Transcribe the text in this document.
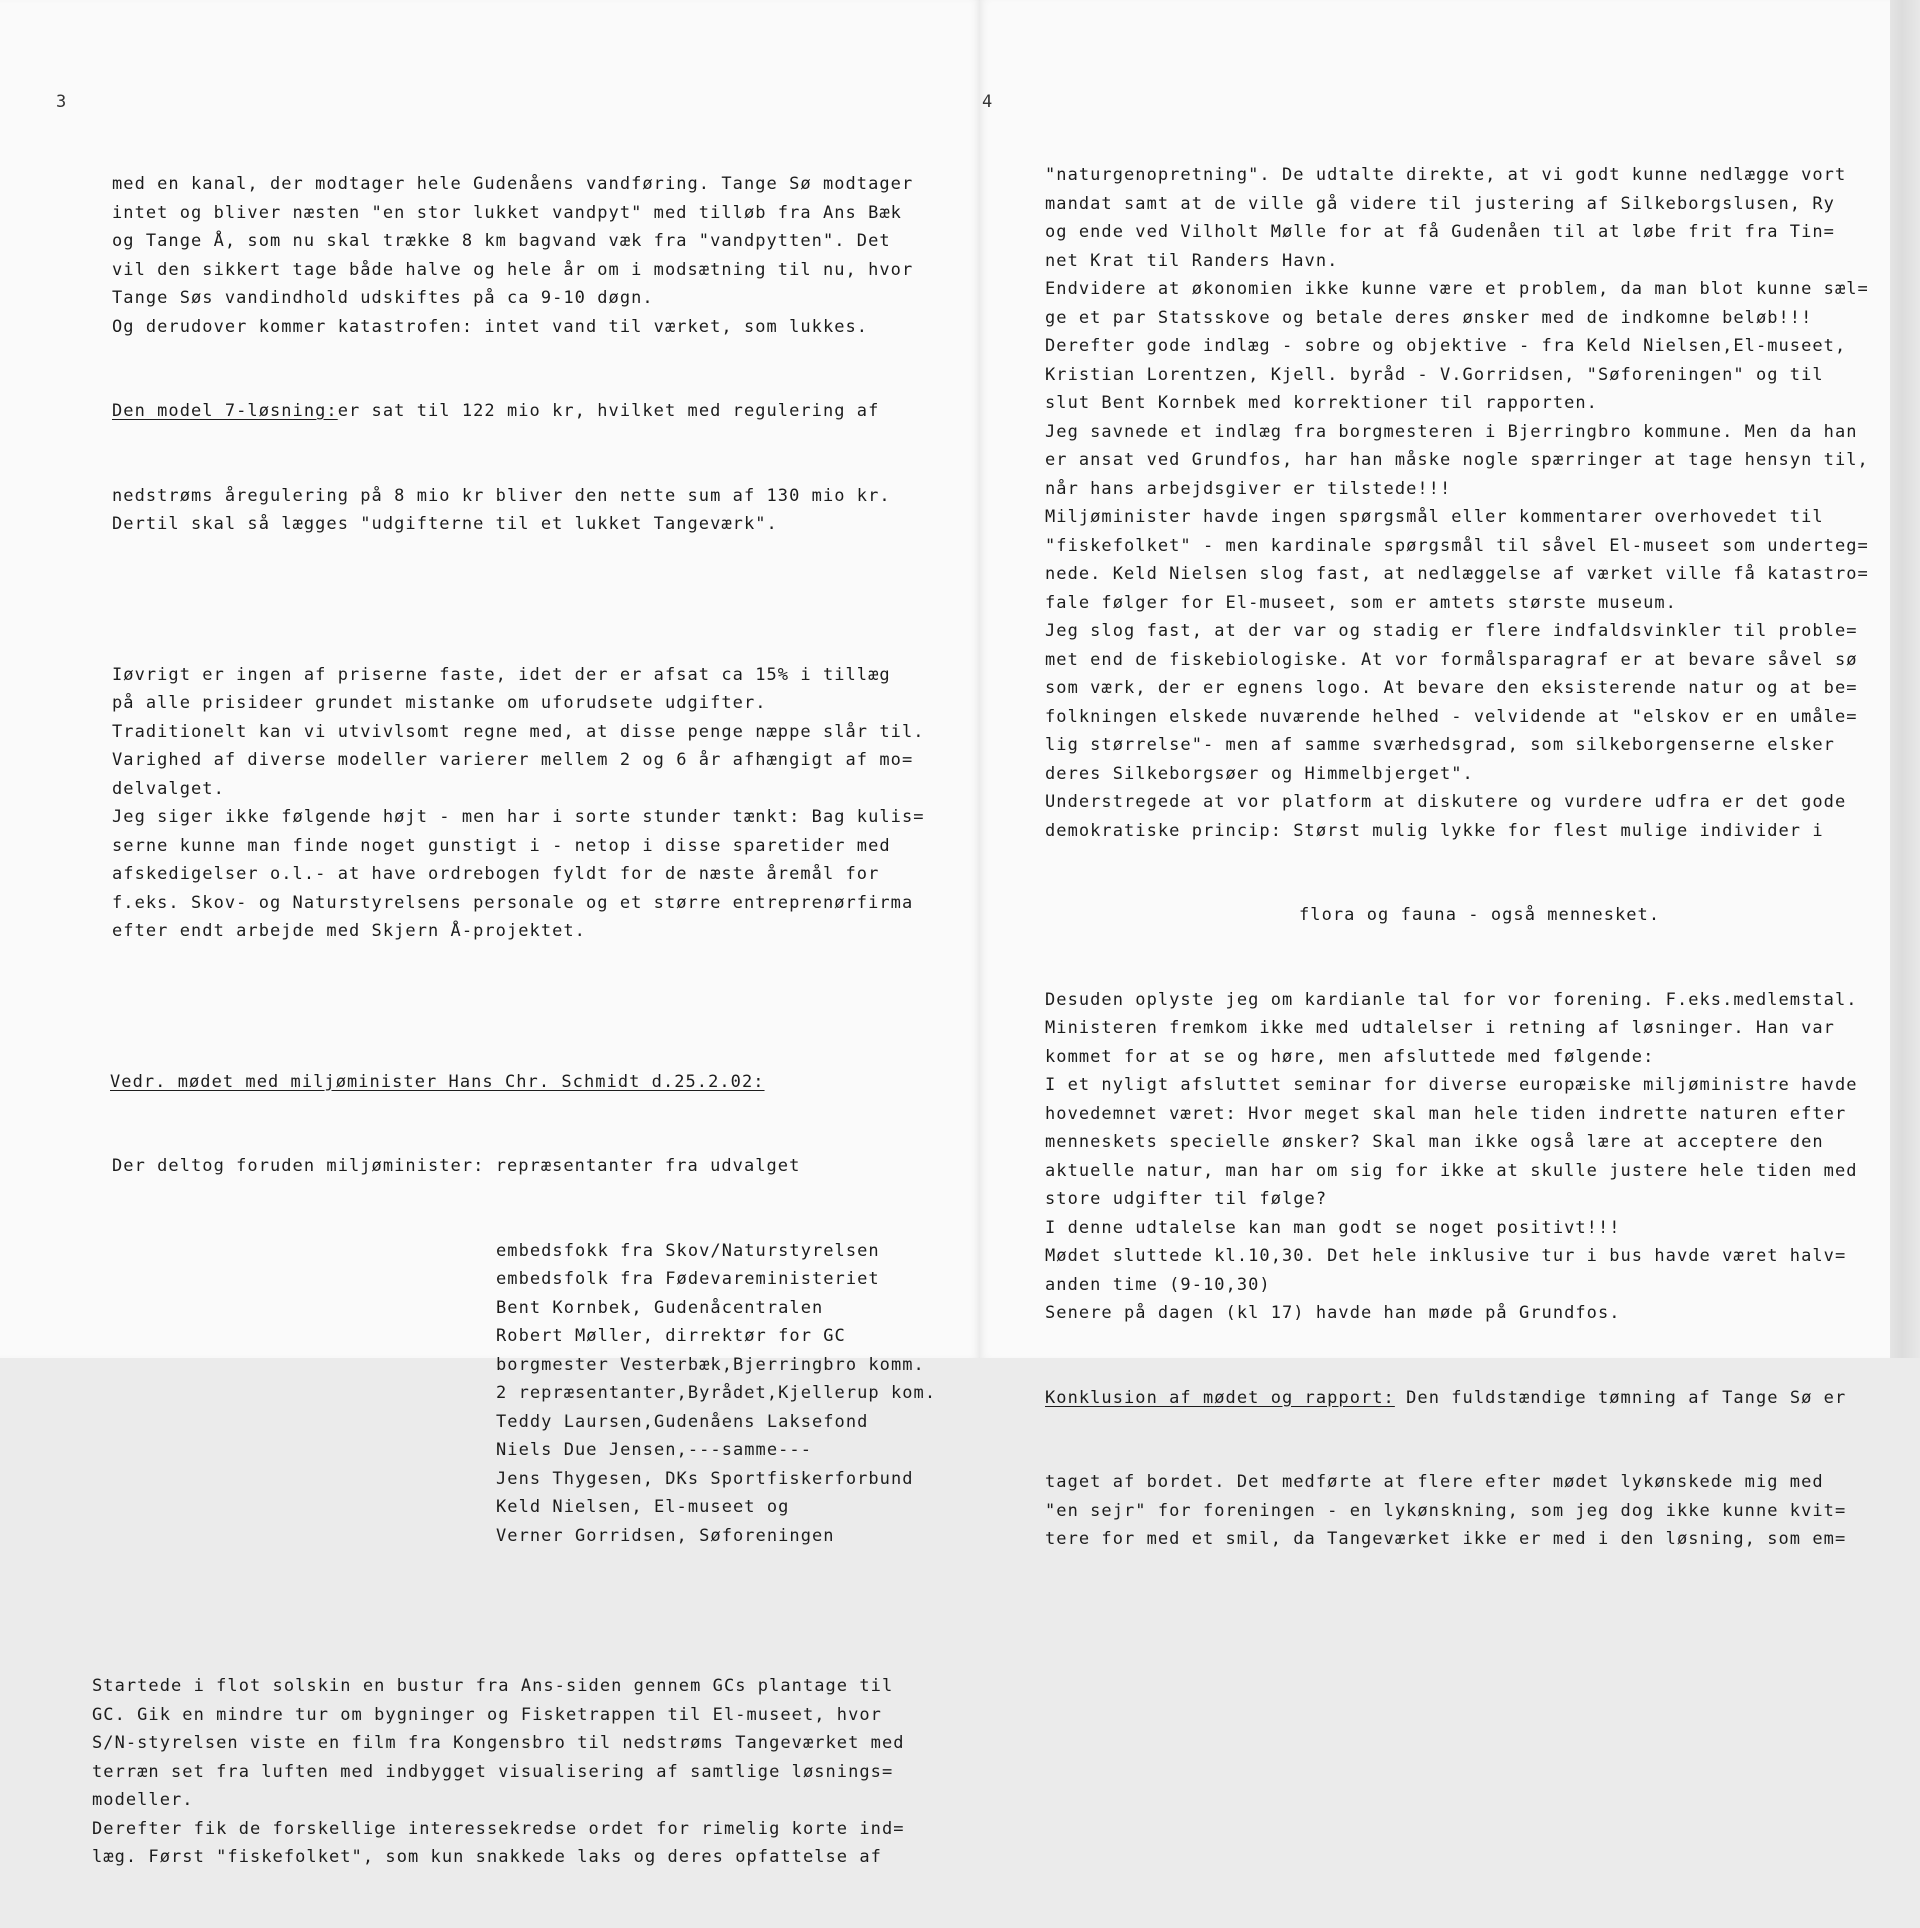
3

med en kanal, der modtager hele Gudenåens vandføring. Tange Sø modtager
intet og bliver næsten "en stor lukket vandpyt" med tilløb fra Ans Bæk
og Tange Å, som nu skal trække 8 km bagvand væk fra "vandpytten". Det
vil den sikkert tage både halve og hele år om i modsætning til nu, hvor
Tange Søs vandindhold udskiftes på ca 9-10 døgn.
Og derudover kommer katastrofen: intet vand til værket, som lukkes.

Den model 7-løsning:er sat til 122 mio kr, hvilket med regulering af

nedstrøms åregulering på 8 mio kr bliver den nette sum af 130 mio kr.
Dertil skal så lægges "udgifterne til et lukket Tangeværk".

Iøvrigt er ingen af priserne faste, idet der er afsat ca 15% i tillæg
på alle prisideer grundet mistanke om uforudsete udgifter.
Traditionelt kan vi utvivlsomt regne med, at disse penge næppe slår til.
Varighed af diverse modeller varierer mellem 2 og 6 år afhængigt af mo=
delvalget.
Jeg siger ikke følgende højt - men har i sorte stunder tænkt: Bag kulis=
serne kunne man finde noget gunstigt i - netop i disse sparetider med
afskedigelser o.l.- at have ordrebogen fyldt for de næste åremål for
f.eks. Skov- og Naturstyrelsens personale og et større entreprenørfirma
efter endt arbejde med Skjern Å-projektet.

Vedr. mødet med miljøminister Hans Chr. Schmidt d.25.2.02:

Der deltog foruden miljøminister: repræsentanter fra udvalget

embedsfokk fra Skov/Naturstyrelsen
embedsfolk fra Fødevareministeriet
Bent Kornbek, Gudenåcentralen
Robert Møller, dirrektør for GC
borgmester Vesterbæk,Bjerringbro komm.
2 repræsentanter,Byrådet,Kjellerup kom.
Teddy Laursen,Gudenåens Laksefond
Niels Due Jensen,---samme---
Jens Thygesen, DKs Sportfiskerforbund
Keld Nielsen, El-museet og
Verner Gorridsen, Søforeningen

Startede i flot solskin en bustur fra Ans-siden gennem GCs plantage til
GC. Gik en mindre tur om bygninger og Fisketrappen til El-museet, hvor
S/N-styrelsen viste en film fra Kongensbro til nedstrøms Tangeværket med
terræn set fra luften med indbygget visualisering af samtlige løsnings=
modeller.
Derefter fik de forskellige interessekredse ordet for rimelig korte ind=
læg. Først "fiskefolket", som kun snakkede laks og deres opfattelse af

4

"naturgenopretning". De udtalte direkte, at vi godt kunne nedlægge vort
mandat samt at de ville gå videre til justering af Silkeborgslusen, Ry
og ende ved Vilholt Mølle for at få Gudenåen til at løbe frit fra Tin=
net Krat til Randers Havn.
Endvidere at økonomien ikke kunne være et problem, da man blot kunne sæl=
ge et par Statsskove og betale deres ønsker med de indkomne beløb!!!
Derefter gode indlæg - sobre og objektive - fra Keld Nielsen,El-museet,
Kristian Lorentzen, Kjell. byråd - V.Gorridsen, "Søforeningen" og til
slut Bent Kornbek med korrektioner til rapporten.
Jeg savnede et indlæg fra borgmesteren i Bjerringbro kommune. Men da han
er ansat ved Grundfos, har han måske nogle spærringer at tage hensyn til,
når hans arbejdsgiver er tilstede!!!
Miljøminister havde ingen spørgsmål eller kommentarer overhovedet til
"fiskefolket" - men kardinale spørgsmål til såvel El-museet som underteg=
nede. Keld Nielsen slog fast, at nedlæggelse af værket ville få katastro=
fale følger for El-museet, som er amtets største museum.
Jeg slog fast, at der var og stadig er flere indfaldsvinkler til proble=
met end de fiskebiologiske. At vor formålsparagraf er at bevare såvel sø
som værk, der er egnens logo. At bevare den eksisterende natur og at be=
folkningen elskede nuværende helhed - velvidende at "elskov er en umåle=
lig størrelse"- men af samme sværhedsgrad, som silkeborgenserne elsker
deres Silkeborgsøer og Himmelbjerget".
Understregede at vor platform at diskutere og vurdere udfra er det gode
demokratiske princip: Størst mulig lykke for flest mulige individer i

flora og fauna - også mennesket.

Desuden oplyste jeg om kardianle tal for vor forening. F.eks.medlemstal.
Ministeren fremkom ikke med udtalelser i retning af løsninger. Han var
kommet for at se og høre, men afsluttede med følgende:
I et nyligt afsluttet seminar for diverse europæiske miljøministre havde
hovedemnet været: Hvor meget skal man hele tiden indrette naturen efter
menneskets specielle ønsker? Skal man ikke også lære at acceptere den
aktuelle natur, man har om sig for ikke at skulle justere hele tiden med
store udgifter til følge?
I denne udtalelse kan man godt se noget positivt!!!
Mødet sluttede kl.10,30. Det hele inklusive tur i bus havde været halv=
anden time (9-10,30)
Senere på dagen (kl 17) havde han møde på Grundfos.

Konklusion af mødet og rapport: Den fuldstændige tømning af Tange Sø er

taget af bordet. Det medførte at flere efter mødet lykønskede mig med
"en sejr" for foreningen - en lykønskning, som jeg dog ikke kunne kvit=
tere for med et smil, da Tangeværket ikke er med i den løsning, som em=
